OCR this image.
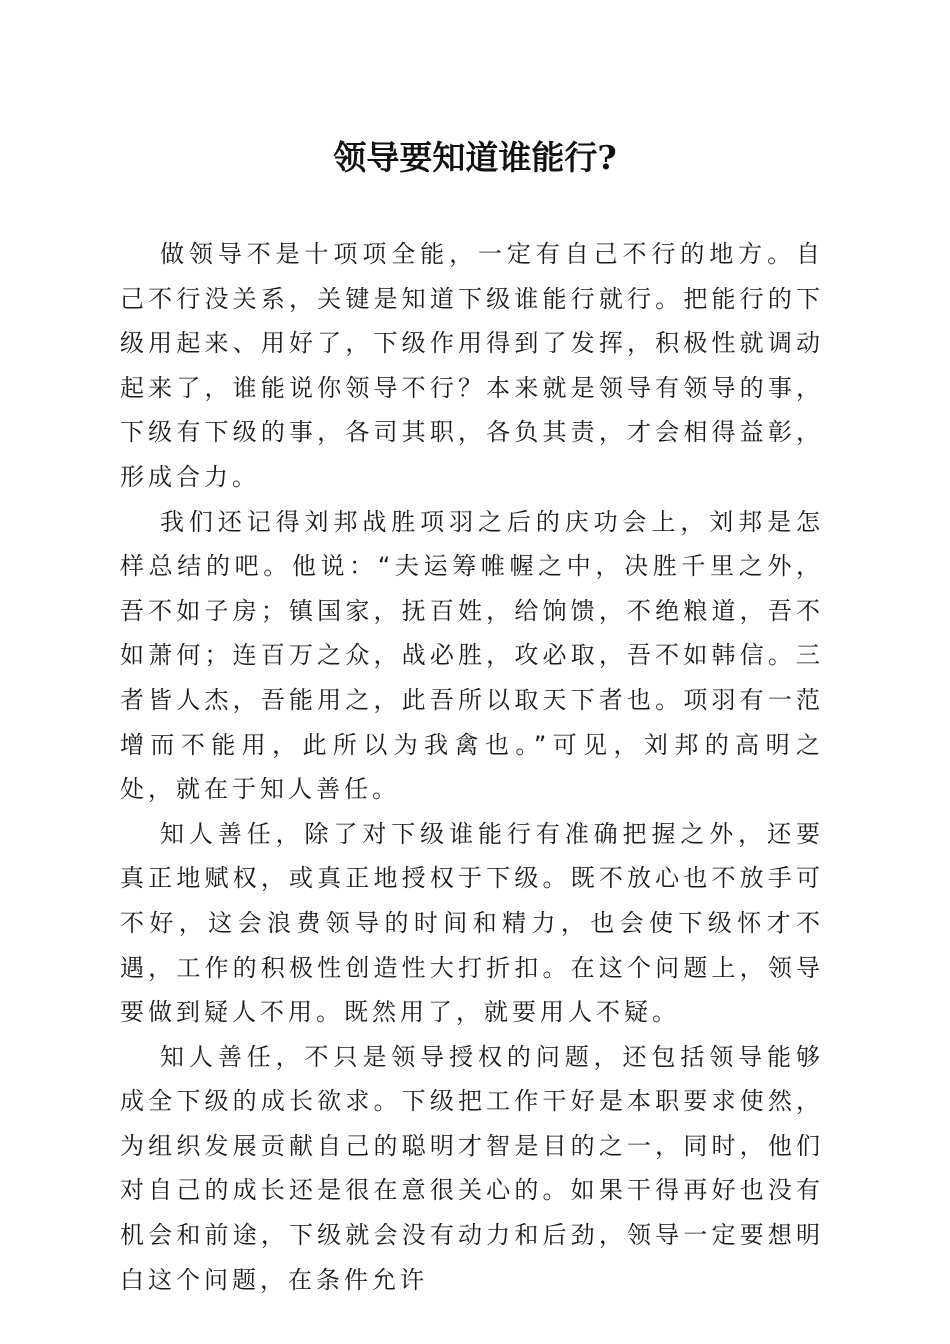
领导要知道谁能行?

做领导不是十项项全能，一定有自己不行的地方。自己不行没关系，关键是知道下级谁能行就行。把能行的下级用起来、用好了，下级作用得到了发挥，积极性就调动起来了，谁能说你领导不行？本来就是领导有领导的事，下级有下级的事，各司其职，各负其责，才会相得益彰，形成合力。

我们还记得刘邦战胜项羽之后的庆功会上，刘邦是怎样总结的吧。他说：“夫运筹帷幄之中，决胜千里之外，吾不如子房；镇国家，抚百姓，给饷馈，不绝粮道，吾不如萧何；连百万之众，战必胜，攻必取，吾不如韩信。三者皆人杰，吾能用之，此吾所以取天下者也。项羽有一范增而不能用，此所以为我禽也。”可见，刘邦的高明之处，就在于知人善任。

知人善任，除了对下级谁能行有准确把握之外，还要真正地赋权，或真正地授权于下级。既不放心也不放手可不好，这会浪费领导的时间和精力，也会使下级怀才不遇，工作的积极性创造性大打折扣。在这个问题上，领导要做到疑人不用。既然用了，就要用人不疑。

知人善任，不只是领导授权的问题，还包括领导能够成全下级的成长欲求。下级把工作干好是本职要求使然，为组织发展贡献自己的聪明才智是目的之一，同时，他们对自己的成长还是很在意很关心的。如果干得再好也没有机会和前途，下级就会没有动力和后劲，领导一定要想明白这个问题，在条件允许
